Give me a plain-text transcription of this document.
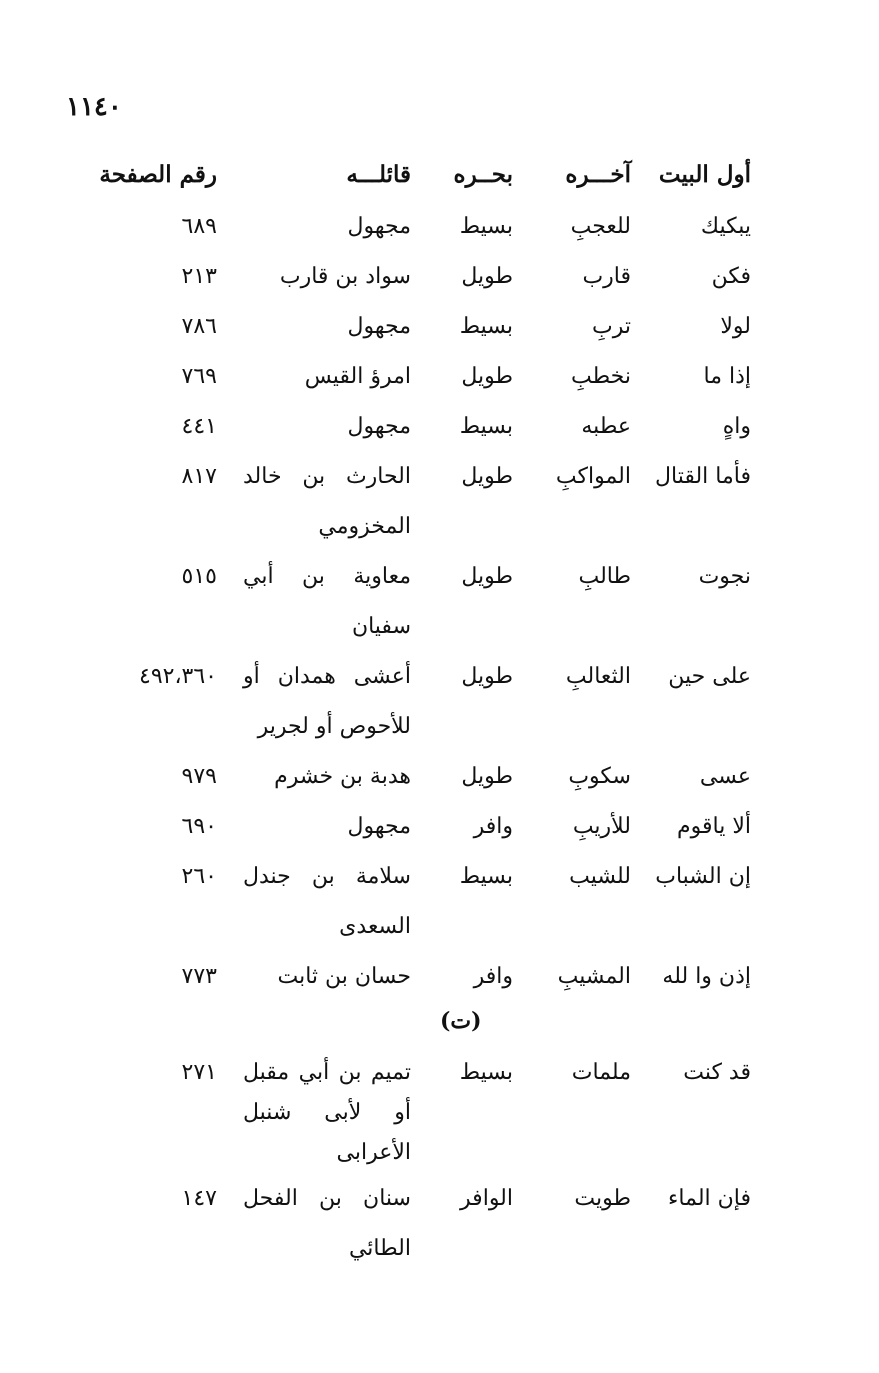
١١٤٠
أول البيت
آخـــره
بحــره
قائلـــه
رقم الصفحة
يبكيك
للعجبِ
بسيط
مجهول
٦٨٩
فكن
قارب
طويل
سواد بن قارب
٢١٣
لولا
تربِ
بسيط
مجهول
٧٨٦
إذا ما
نخطبِ
طويل
امرؤ القيس
٧٦٩
واهٍ
عطبه
بسيط
مجهول
٤٤١
فأما القتال
المواكبِ
طويل
الحارث بن خالد المخزومي
٨١٧
نجوت
طالبِ
طويل
معاوية بن أبي سفيان
٥١٥
على حين
الثعالبِ
طويل
أعشى همدان أو للأحوص أو لجرير
٤٩٢،٣٦٠
عسى
سكوبِ
طويل
هدبة بن خشرم
٩٧٩
ألا ياقوم
للأريبِ
وافر
مجهول
٦٩٠
إن الشباب
للشيب
بسيط
سلامة بن جندل السعدى
٢٦٠
إذن وا لله
المشيبِ
وافر
حسان بن ثابت
٧٧٣
(ت)
قد كنت
ملمات
بسيط
تميم بن أبي مقبل أو لأبى شنبل الأعرابى
٢٧١
فإن الماء
طويت
الوافر
سنان بن الفحل الطائي
١٤٧
